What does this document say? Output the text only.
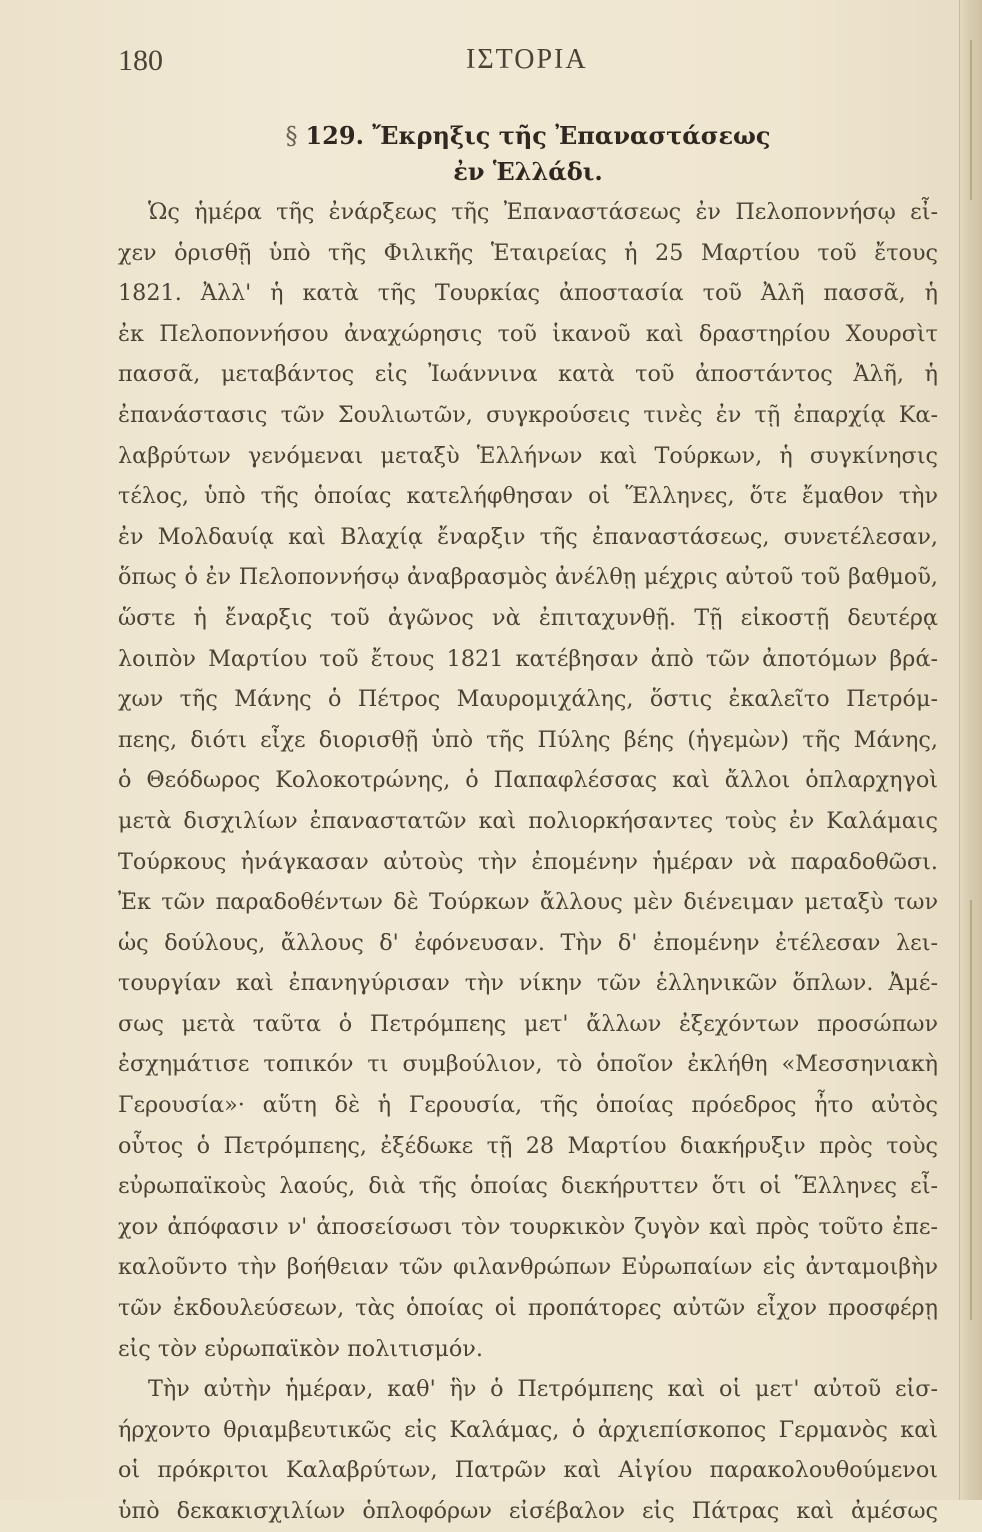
180	ΙΣΤΟΡΙΑ
§ 129. Ἔκρηξις τῆς Ἐπαναστάσεως
ἐν Ἑλλάδι.
Ὡς ἡμέρα τῆς ἐνάρξεως τῆς Ἐπαναστάσεως ἐν Πελοποννήσῳ εἶ-
χεν ὁρισθῇ ὑπὸ τῆς Φιλικῆς Ἑταιρείας ἡ 25 Μαρτίου τοῦ ἔτους
1821. Ἀλλ' ἡ κατὰ τῆς Τουρκίας ἀποστασία τοῦ Ἀλῆ πασσᾶ, ἡ
ἐκ Πελοποννήσου ἀναχώρησις τοῦ ἱκανοῦ καὶ δραστηρίου Χουρσὶτ
πασσᾶ, μεταβάντος εἰς Ἰωάννινα κατὰ τοῦ ἀποστάντος Ἀλῆ, ἡ
ἐπανάστασις τῶν Σουλιωτῶν, συγκρούσεις τινὲς ἐν τῇ ἐπαρχίᾳ Κα-
λαβρύτων γενόμεναι μεταξὺ Ἑλλήνων καὶ Τούρκων, ἡ συγκίνησις
τέλος, ὑπὸ τῆς ὁποίας κατελήφθησαν οἱ Ἕλληνες, ὅτε ἔμαθον τὴν
ἐν Μολδαυίᾳ καὶ Βλαχίᾳ ἔναρξιν τῆς ἐπαναστάσεως, συνετέλεσαν,
ὅπως ὁ ἐν Πελοποννήσῳ ἀναβρασμὸς ἀνέλθῃ μέχρις αὐτοῦ τοῦ βαθμοῦ,
ὥστε ἡ ἔναρξις τοῦ ἀγῶνος νὰ ἐπιταχυνθῇ. Τῇ εἰκοστῇ δευτέρᾳ
λοιπὸν Μαρτίου τοῦ ἔτους 1821 κατέβησαν ἀπὸ τῶν ἀποτόμων βρά-
χων τῆς Μάνης ὁ Πέτρος Μαυρομιχάλης, ὅστις ἐκαλεῖτο Πετρόμ-
πεης, διότι εἶχε διορισθῇ ὑπὸ τῆς Πύλης βέης (ἡγεμὼν) τῆς Μάνης,
ὁ Θεόδωρος Κολοκοτρώνης, ὁ Παπαφλέσσας καὶ ἄλλοι ὁπλαρχηγοὶ
μετὰ δισχιλίων ἐπαναστατῶν καὶ πολιορκήσαντες τοὺς ἐν Καλάμαις
Τούρκους ἠνάγκασαν αὐτοὺς τὴν ἐπομένην ἡμέραν νὰ παραδοθῶσι.
Ἐκ τῶν παραδοθέντων δὲ Τούρκων ἄλλους μὲν διένειμαν μεταξὺ των
ὡς δούλους, ἄλλους δ' ἐφόνευσαν. Τὴν δ' ἐπομένην ἐτέλεσαν λει-
τουργίαν καὶ ἐπανηγύρισαν τὴν νίκην τῶν ἑλληνικῶν ὅπλων. Ἀμέ-
σως μετὰ ταῦτα ὁ Πετρόμπεης μετ' ἄλλων ἐξεχόντων προσώπων
ἐσχημάτισε τοπικόν τι συμβούλιον, τὸ ὁποῖον ἐκλήθη «Μεσσηνιακὴ
Γερουσία»· αὕτη δὲ ἡ Γερουσία, τῆς ὁποίας πρόεδρος ἦτο αὐτὸς
οὗτος ὁ Πετρόμπεης, ἐξέδωκε τῇ 28 Μαρτίου διακήρυξιν πρὸς τοὺς
εὐρωπαϊκοὺς λαούς, διὰ τῆς ὁποίας διεκήρυττεν ὅτι οἱ Ἕλληνες εἶ-
χον ἀπόφασιν ν' ἀποσείσωσι τὸν τουρκικὸν ζυγὸν καὶ πρὸς τοῦτο ἐπε-
καλοῦντο τὴν βοήθειαν τῶν φιλανθρώπων Εὐρωπαίων εἰς ἀνταμοιβὴν
τῶν ἐκδουλεύσεων, τὰς ὁποίας οἱ προπάτορες αὐτῶν εἶχον προσφέρῃ
εἰς τὸν εὐρωπαϊκὸν πολιτισμόν.
Τὴν αὐτὴν ἡμέραν, καθ' ἣν ὁ Πετρόμπεης καὶ οἱ μετ' αὐτοῦ εἰσ-
ήρχοντο θριαμβευτικῶς εἰς Καλάμας, ὁ ἀρχιεπίσκοπος Γερμανὸς καὶ
οἱ πρόκριτοι Καλαβρύτων, Πατρῶν καὶ Αἰγίου παρακολουθούμενοι
ὑπὸ δεκακισχιλίων ὁπλοφόρων εἰσέβαλον εἰς Πάτρας καὶ ἀμέσως
